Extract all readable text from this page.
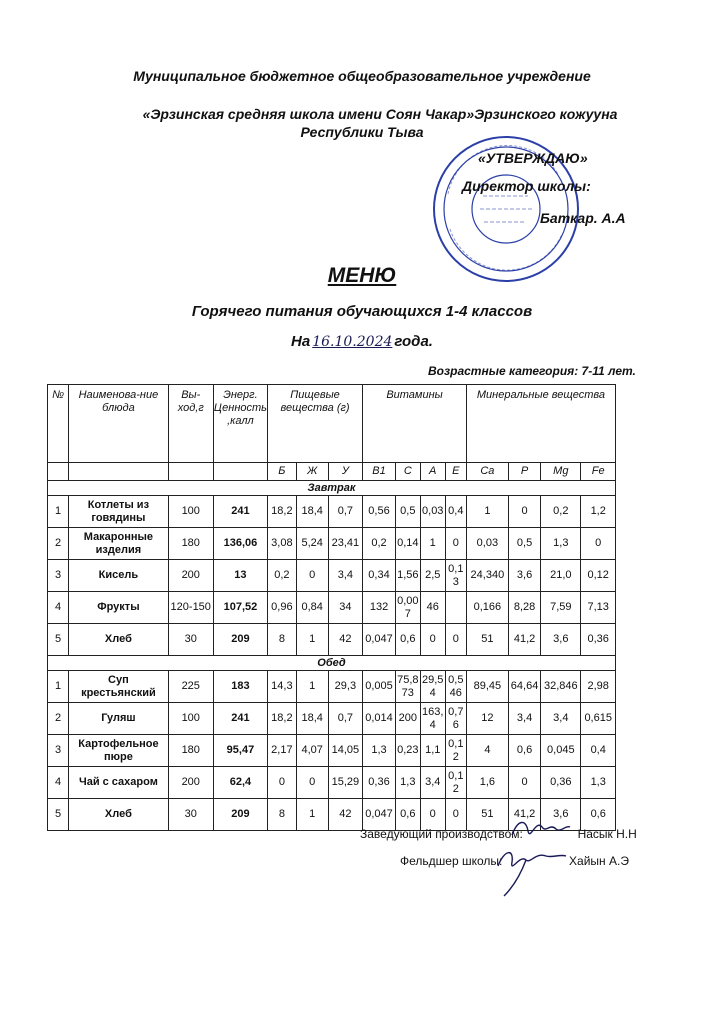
Муниципальное бюджетное общеобразовательное учреждение
«Эрзинская средняя школа имени Соян Чакар»Эрзинского кожууна
Республики Тыва
«УТВЕРЖДАЮ»
Директор школы:
Баткар. А.А
МЕНЮ
Горячего питания обучающихся 1-4 классов
На 16.10.2024 года.
Возрастные категория: 7-11 лет.
№	Наименова-ние блюда	Вы-ход,г	Энерг. Ценность ,калл	Пищевые вещества (г)			Витамины				Минеральные вещества			
				Б	Ж	У	В1	С	А	Е	Ca	P	Mg	Fe
Завтрак														
1	Котлеты из говядины	100	241	18,2	18,4	0,7	0,56	0,5	0,03	0,4	1	0	0,2	1,2
2	Макаронные изделия	180	136,06	3,08	5,24	23,41	0,2	0,14	1	0	0,03	0,5	1,3	0
3	Кисель	200	13	0,2	0	3,4	0,34	1,56	2,5	0,13	24,340	3,6	21,0	0,12
4	Фрукты	120-150	107,52	0,96	0,84	34	132	0,007	46		0,166	8,28	7,59	7,13
5	Хлеб	30	209	8	1	42	0,047	0,6	0	0	51	41,2	3,6	0,36
Обед														
1	Суп крестьянский	225	183	14,3	1	29,3	0,005	75,873	29,54	0,546	89,45	64,64	32,846	2,98
2	Гуляш	100	241	18,2	18,4	0,7	0,014	200	163,4	0,76	12	3,4	3,4	0,615
3	Картофельное пюре	180	95,47	2,17	4,07	14,05	1,3	0,23	1,1	0,12	4	0,6	0,045	0,4
4	Чай с сахаром	200	62,4	0	0	15,29	0,36	1,3	3,4	0,12	1,6	0	0,36	1,3
5	Хлеб	30	209	8	1	42	0,047	0,6	0	0	51	41,2	3,6	0,6
Заведующий производством:	Насык Н.Н
Фельдшер школы:	Хайын А.Э
